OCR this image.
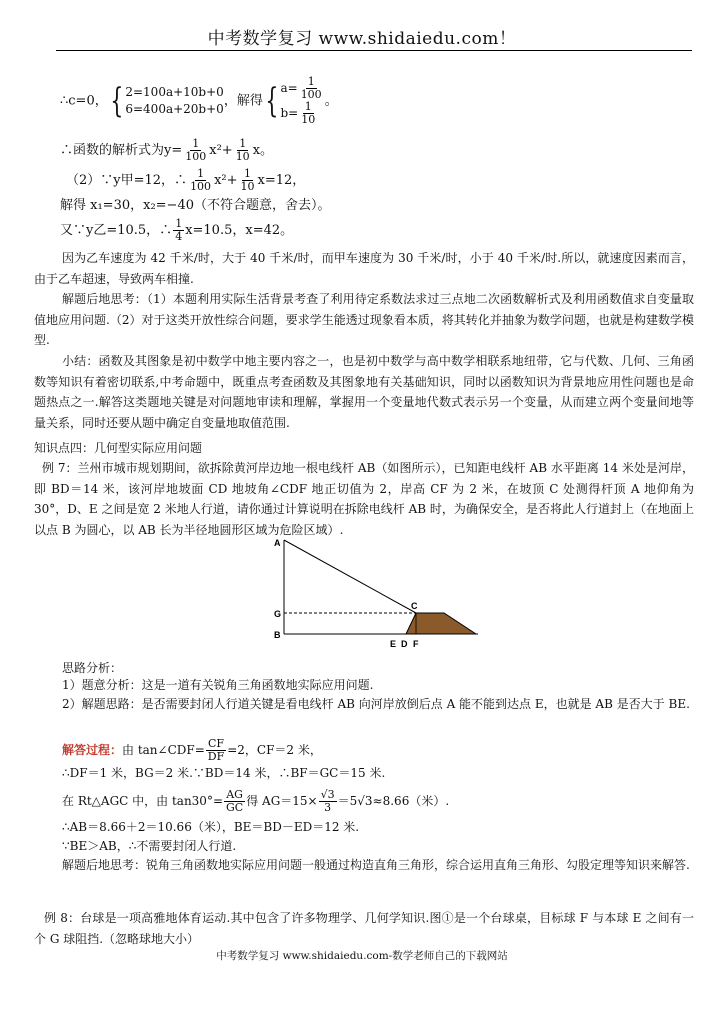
中考数学复习 www.shidaiedu.com！
∴c=0，{ 2=100a+10b+0
6=400a+20b+0
，解得{ $a= \frac{1}{100}$
$b= \frac{1}{10}$ 。
∴函数的解析式为$y= \frac{1}{100} x^2+ \frac{1}{10}$ x。
（2）∵y甲=12，∴ $\frac{1}{100} x^2+ \frac{1}{10} x=12$，
解得 x₁=30，x₂=−40（不符合题意，舍去）。
又∵y乙=10.5，∴ $\frac{1}{4} x=10.5$，x=42。
因为乙车速度为 42 千米/时，大于 40 千米/时，而甲车速度为 30 千米/时，小于 40 千米/时.所以，就速度因素而言，由于乙车超速，导致两车相撞.
解题后地思考：（1）本题利用实际生活背景考查了利用待定系数法求过三点地二次函数解析式及利用函数值求自变量取值地应用问题.（2）对于这类开放性综合问题，要求学生能透过现象看本质，将其转化并抽象为数学问题，也就是构建数学模型.
小结：函数及其图象是初中数学中地主要内容之一，也是初中数学与高中数学相联系地纽带，它与代数、几何、三角函数等知识有着密切联系,中考命题中，既重点考查函数及其图象地有关基础知识，同时以函数知识为背景地应用性问题也是命题热点之一.解答这类题地关键是对问题地审读和理解，掌握用一个变量地代数式表示另一个变量，从而建立两个变量间地等量关系，同时还要从题中确定自变量地取值范围.
知识点四：几何型实际应用问题
例 7：兰州市城市规划期间，欲拆除黄河岸边地一根电线杆 AB（如图所示），已知距电线杆 AB 水平距离 14 米处是河岸，即 BD＝14 米，该河岸地坡面 CD 地坡角∠CDF 地正切值为 2，岸高 CF 为 2 米，在坡顶 C 处测得杆顶 A 地仰角为 30°，D、E 之间是宽 2 米地人行道，请你通过计算说明在拆除电线杆 AB 时，为确保安全，是否将此人行道封上（在地面上以点 B 为圆心，以 AB 长为半径地圆形区域为危险区域）.
A
G
B
C
E D F
思路分析：
1）题意分析：这是一道有关锐角三角函数地实际应用问题.
2）解题思路：是否需要封闭人行道关键是看电线杆 AB 向河岸放倒后点 A 能不能到达点 E，也就是 AB 是否大于 BE.
解答过程：由 tan∠CDF= $\frac{CF}{DF} =2$，CF＝2 米，
∴DF＝1 米，BG＝2 米.∵BD＝14 米，∴BF＝GC＝15 米.
在 Rt△AGC 中，由 $\tan 30^\circ= \frac{AG}{GC}$ 得 $AG=15\times \frac{√3}{3} =5√3\approx 8.66$（米）.
∴AB＝8.66＋2＝10.66（米），BE＝BD－ED＝12 米.
∵BE＞AB，∴不需要封闭人行道.
解题后地思考：锐角三角函数地实际应用问题一般通过构造直角三角形，综合运用直角三角形、勾股定理等知识来解答.
例 8：台球是一项高雅地体育运动.其中包含了许多物理学、几何学知识.图①是一个台球桌，目标球 F 与本球 E 之间有一个 G 球阻挡.（忽略球地大小）
中考数学复习 www.shidaiedu.com-数学老师自己的下载网站
